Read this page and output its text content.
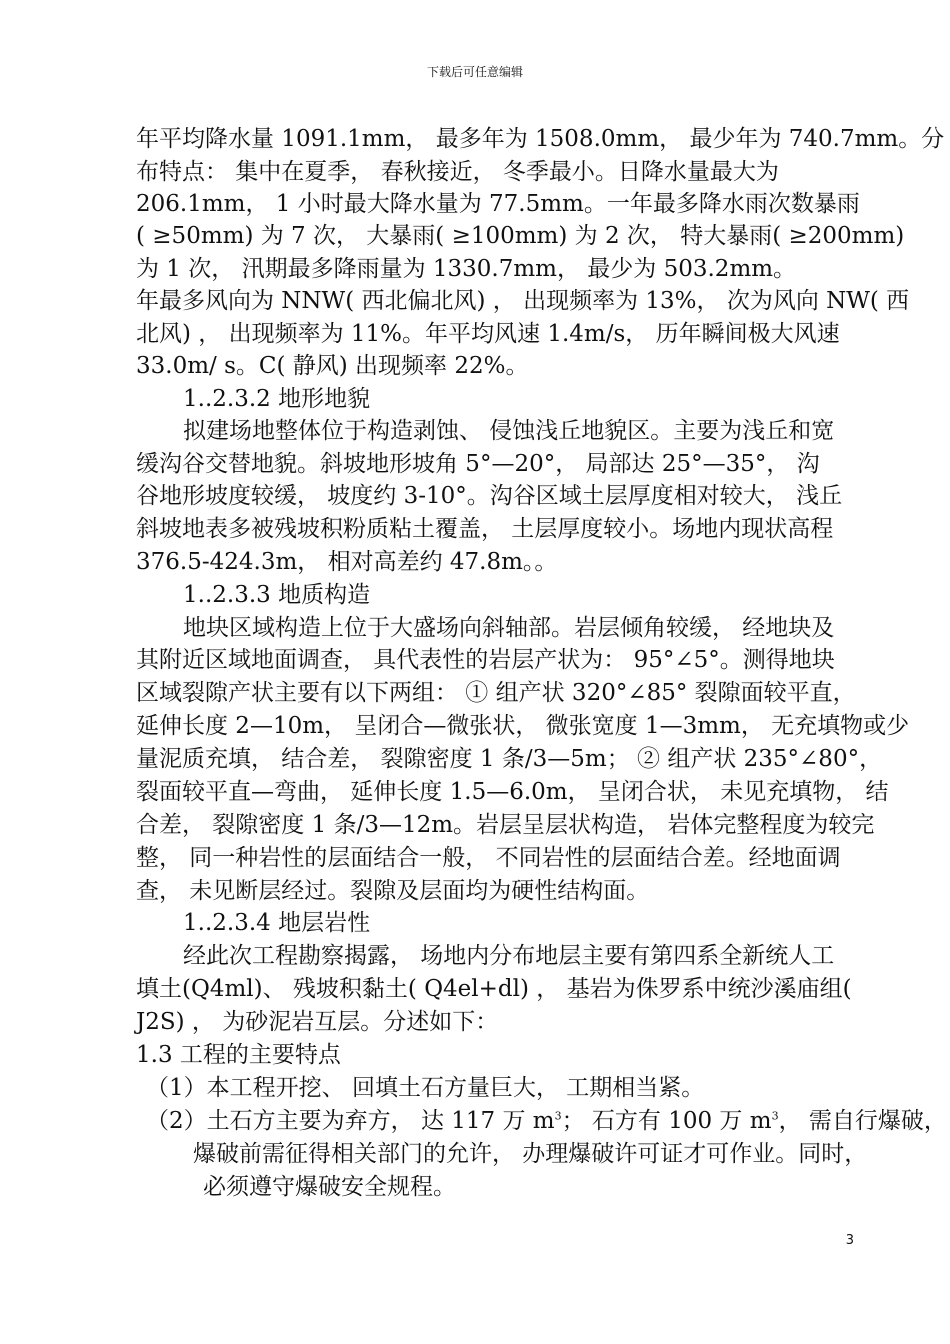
下载后可任意编辑
年平均降水量 1091.1mm， 最多年为 1508.0mm， 最少年为 740.7mm。分
布特点： 集中在夏季， 春秋接近， 冬季最小。日降水量最大为
206.1mm， 1 小时最大降水量为 77.5mm。一年最多降水雨次数暴雨
( ≥50mm) 为 7 次， 大暴雨( ≥100mm) 为 2 次， 特大暴雨( ≥200mm)
为 1 次， 汛期最多降雨量为 1330.7mm， 最少为 503.2mm。
年最多风向为 NNW( 西北偏北风) ， 出现频率为 13%， 次为风向 NW( 西
北风) ， 出现频率为 11%。年平均风速 1.4m/s， 历年瞬间极大风速
33.0m/ s。C( 静风) 出现频率 22%。
1..2.3.2 地形地貌
拟建场地整体位于构造剥蚀、 侵蚀浅丘地貌区。主要为浅丘和宽
缓沟谷交替地貌。斜坡地形坡角 5°—20°， 局部达 25°—35°， 沟
谷地形坡度较缓， 坡度约 3-10°。沟谷区域土层厚度相对较大， 浅丘
斜坡地表多被残坡积粉质粘土覆盖， 土层厚度较小。场地内现状高程
376.5-424.3m， 相对高差约 47.8m。。
1..2.3.3 地质构造
地块区域构造上位于大盛场向斜轴部。岩层倾角较缓， 经地块及
其附近区域地面调查， 具代表性的岩层产状为： 95°∠5°。测得地块
区域裂隙产状主要有以下两组： ① 组产状 320°∠85° 裂隙面较平直，
延伸长度 2—10m， 呈闭合—微张状， 微张宽度 1—3mm， 无充填物或少
量泥质充填， 结合差， 裂隙密度 1 条/3—5m； ② 组产状 235°∠80°，
裂面较平直—弯曲， 延伸长度 1.5—6.0m， 呈闭合状， 未见充填物， 结
合差， 裂隙密度 1 条/3—12m。岩层呈层状构造， 岩体完整程度为较完
整， 同一种岩性的层面结合一般， 不同岩性的层面结合差。经地面调
查， 未见断层经过。裂隙及层面均为硬性结构面。
1..2.3.4 地层岩性
经此次工程勘察揭露， 场地内分布地层主要有第四系全新统人工
填土(Q4ml)、 残坡积黏土( Q4el+dl) ， 基岩为侏罗系中统沙溪庙组(
J2S) ， 为砂泥岩互层。分述如下：
1.3 工程的主要特点
（1）本工程开挖、 回填土石方量巨大， 工期相当紧。
（2）土石方主要为弃方， 达 117 万 $m^3$； 石方有 100 万 $m^3$， 需自行爆破，
爆破前需征得相关部门的允许， 办理爆破许可证才可作业。同时，
必须遵守爆破安全规程。
3
